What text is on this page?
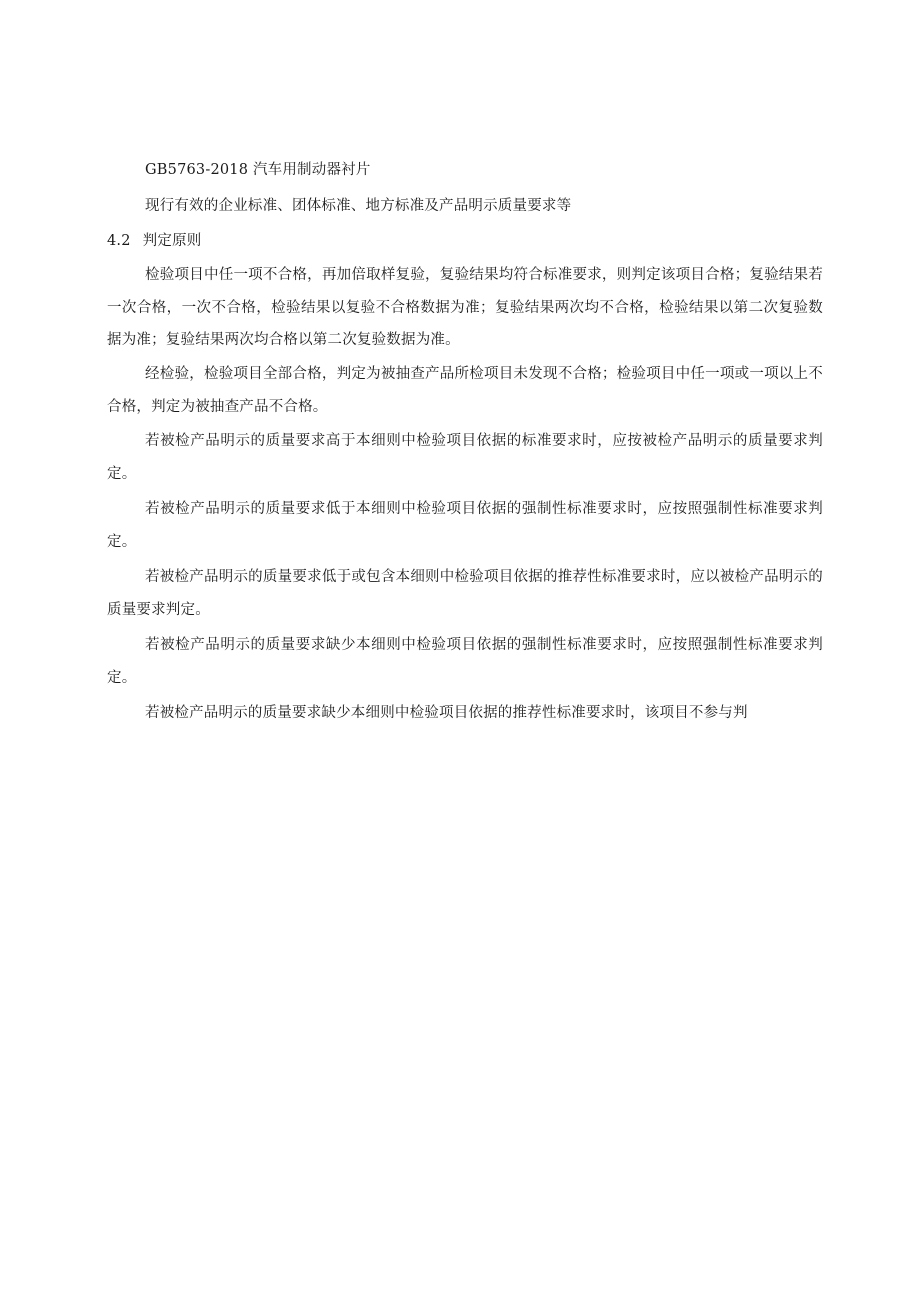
GB5763-2018 汽车用制动器衬片
现行有效的企业标准、团体标准、地方标准及产品明示质量要求等
4.2 判定原则
检验项目中任一项不合格，再加倍取样复验，复验结果均符合标准要求，则判定该项目合格；复验结果若一次合格，一次不合格，检验结果以复验不合格数据为准；复验结果两次均不合格，检验结果以第二次复验数据为准；复验结果两次均合格以第二次复验数据为准。
经检验，检验项目全部合格，判定为被抽查产品所检项目未发现不合格；检验项目中任一项或一项以上不合格，判定为被抽查产品不合格。
若被检产品明示的质量要求高于本细则中检验项目依据的标准要求时，应按被检产品明示的质量要求判定。
若被检产品明示的质量要求低于本细则中检验项目依据的强制性标准要求时，应按照强制性标准要求判定。
若被检产品明示的质量要求低于或包含本细则中检验项目依据的推荐性标准要求时，应以被检产品明示的质量要求判定。
若被检产品明示的质量要求缺少本细则中检验项目依据的强制性标准要求时，应按照强制性标准要求判定。
若被检产品明示的质量要求缺少本细则中检验项目依据的推荐性标准要求时，该项目不参与判
